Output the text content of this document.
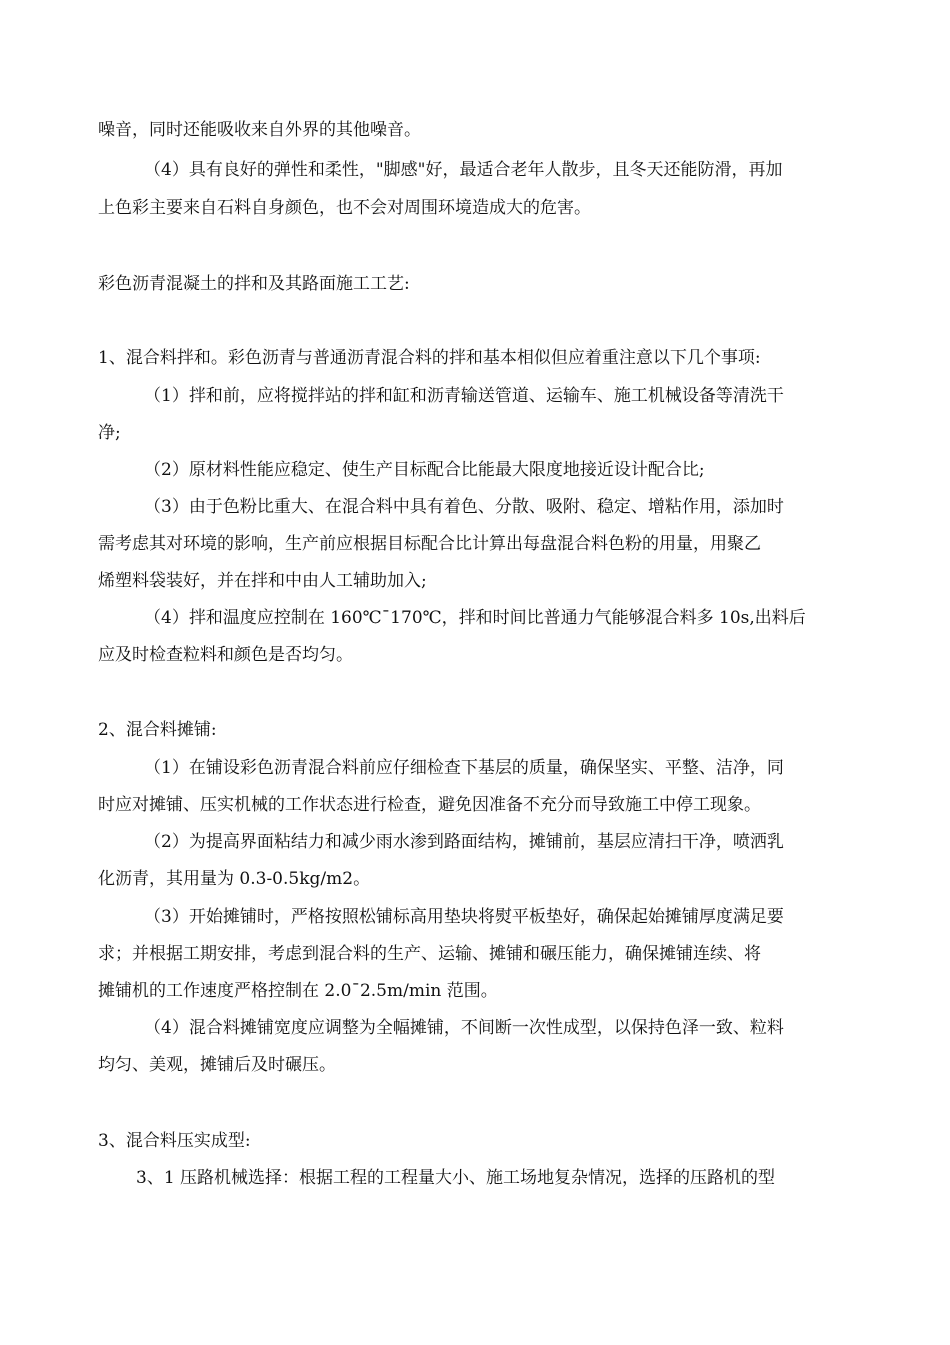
噪音，同时还能吸收来自外界的其他噪音。
（4）具有良好的弹性和柔性，"脚感"好，最适合老年人散步，且冬天还能防滑，再加
上色彩主要来自石料自身颜色，也不会对周围环境造成大的危害。
彩色沥青混凝土的拌和及其路面施工工艺:
1、混合料拌和。彩色沥青与普通沥青混合料的拌和基本相似但应着重注意以下几个事项:
（1）拌和前，应将搅拌站的拌和缸和沥青输送管道、运输车、施工机械设备等清洗干
净;
（2）原材料性能应稳定、使生产目标配合比能最大限度地接近设计配合比;
（3）由于色粉比重大、在混合料中具有着色、分散、吸附、稳定、增粘作用，添加时
需考虑其对环境的影响，生产前应根据目标配合比计算出每盘混合料色粉的用量，用聚乙
烯塑料袋装好，并在拌和中由人工辅助加入;
（4）拌和温度应控制在 160℃¯170℃，拌和时间比普通力气能够混合料多 10s,出料后
应及时检查粒料和颜色是否均匀。
2、混合料摊铺:
（1）在铺设彩色沥青混合料前应仔细检查下基层的质量，确保坚实、平整、洁净，同
时应对摊铺、压实机械的工作状态进行检查，避免因准备不充分而导致施工中停工现象。
（2）为提高界面粘结力和减少雨水渗到路面结构，摊铺前，基层应清扫干净，喷洒乳
化沥青，其用量为 0.3-0.5kg/m2。
（3）开始摊铺时，严格按照松铺标高用垫块将熨平板垫好，确保起始摊铺厚度满足要
求；并根据工期安排，考虑到混合料的生产、运输、摊铺和碾压能力，确保摊铺连续、将
摊铺机的工作速度严格控制在 2.0¯2.5m/min 范围。
（4）混合料摊铺宽度应调整为全幅摊铺，不间断一次性成型，以保持色泽一致、粒料
均匀、美观，摊铺后及时碾压。
3、混合料压实成型:
3、1 压路机械选择：根据工程的工程量大小、施工场地复杂情况，选择的压路机的型
